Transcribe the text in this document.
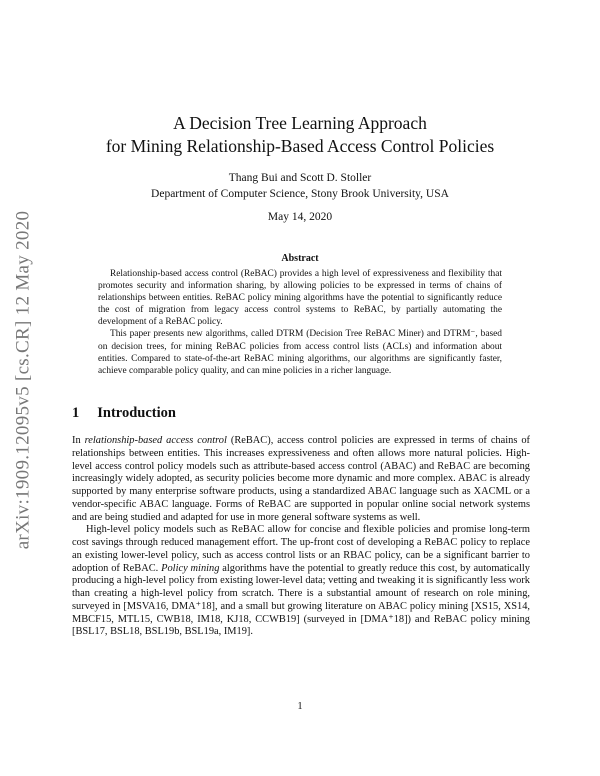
arXiv:1909.12095v5 [cs.CR] 12 May 2020
A Decision Tree Learning Approach
for Mining Relationship-Based Access Control Policies
Thang Bui and Scott D. Stoller
Department of Computer Science, Stony Brook University, USA
May 14, 2020
Abstract

Relationship-based access control (ReBAC) provides a high level of expressiveness and flexibility that promotes security and information sharing, by allowing policies to be expressed in terms of chains of relationships between entities. ReBAC policy mining algorithms have the potential to significantly reduce the cost of migration from legacy access control systems to ReBAC, by partially automating the development of a ReBAC policy.

This paper presents new algorithms, called DTRM (Decision Tree ReBAC Miner) and DTRM⁻, based on decision trees, for mining ReBAC policies from access control lists (ACLs) and information about entities. Compared to state-of-the-art ReBAC mining algorithms, our algorithms are significantly faster, achieve comparable policy quality, and can mine policies in a richer language.

1 Introduction

In relationship-based access control (ReBAC), access control policies are expressed in terms of chains of relationships between entities. This increases expressiveness and often allows more natural policies. High-level access control policy models such as attribute-based access control (ABAC) and ReBAC are becoming increasingly widely adopted, as security policies become more dynamic and more complex. ABAC is already supported by many enterprise software products, using a standardized ABAC language such as XACML or a vendor-specific ABAC language. Forms of ReBAC are supported in popular online social network systems and are being studied and adapted for use in more general software systems as well.

High-level policy models such as ReBAC allow for concise and flexible policies and promise long-term cost savings through reduced management effort. The up-front cost of developing a ReBAC policy to replace an existing lower-level policy, such as access control lists or an RBAC policy, can be a significant barrier to adoption of ReBAC. Policy mining algorithms have the potential to greatly reduce this cost, by automatically producing a high-level policy from existing lower-level data; vetting and tweaking it is significantly less work than creating a high-level policy from scratch. There is a substantial amount of research on role mining, surveyed in [MSVA16, DMA⁺18], and a small but growing literature on ABAC policy mining [XS15, XS14, MBCF15, MTL15, CWB18, IM18, KJ18, CCWB19] (surveyed in [DMA⁺18]) and ReBAC policy mining [BSL17, BSL18, BSL19b, BSL19a, IM19].

1
